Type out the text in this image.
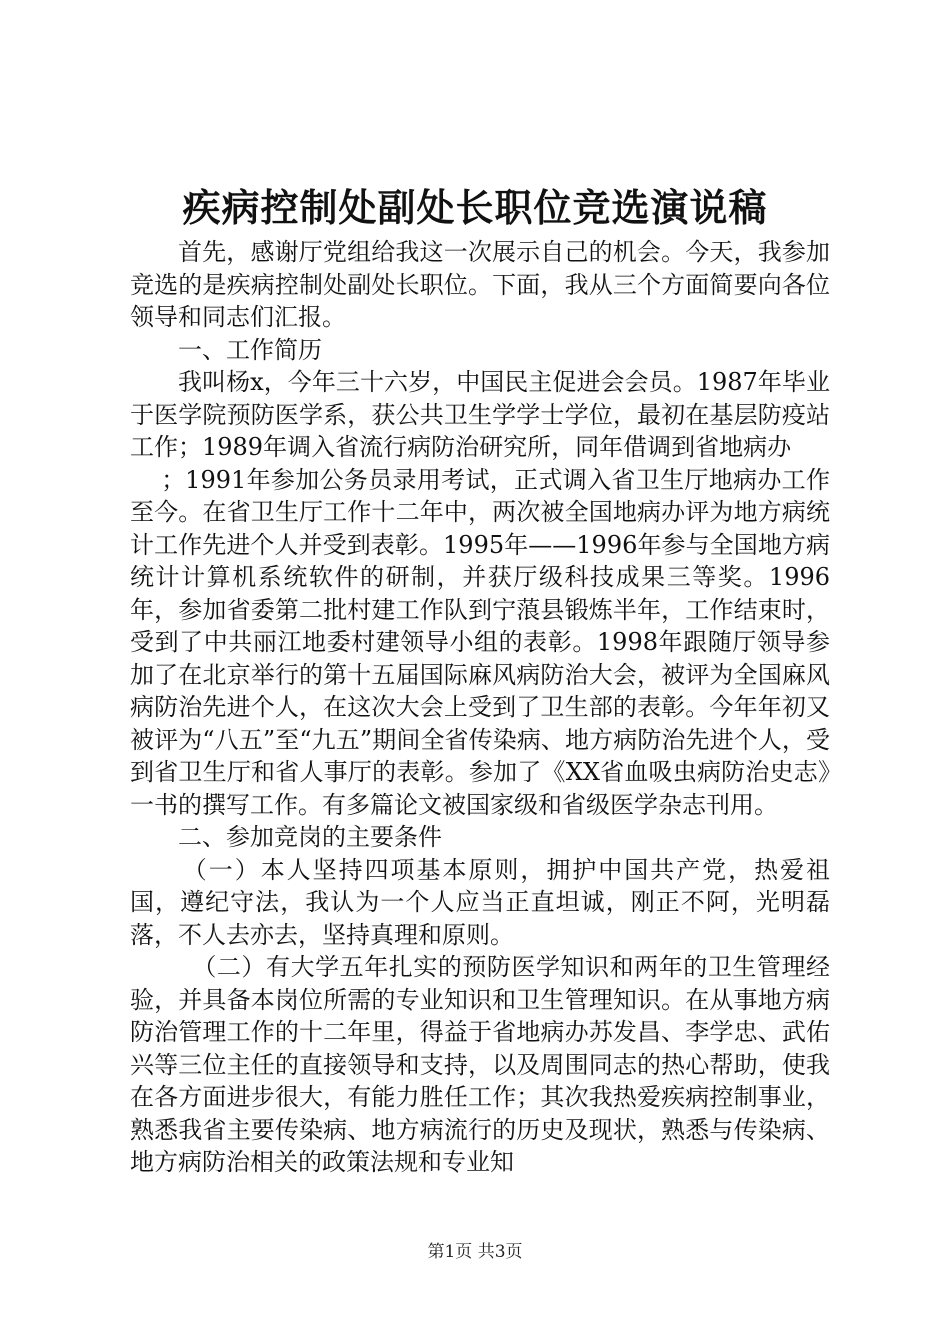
疾病控制处副处长职位竞选演说稿

首先，感谢厅党组给我这一次展示自己的机会。今天，我参加竞选的是疾病控制处副处长职位。下面，我从三个方面简要向各位领导和同志们汇报。

一、工作简历

我叫杨x，今年三十六岁，中国民主促进会会员。1987年毕业于医学院预防医学系，获公共卫生学学士学位，最初在基层防疫站工作；1989年调入省流行病防治研究所，同年借调到省地病办

；1991年参加公务员录用考试，正式调入省卫生厅地病办工作至今。在省卫生厅工作十二年中，两次被全国地病办评为地方病统计工作先进个人并受到表彰。1995年——1996年参与全国地方病统计计算机系统软件的研制，并获厅级科技成果三等奖。1996年，参加省委第二批村建工作队到宁蒗县锻炼半年，工作结束时，受到了中共丽江地委村建领导小组的表彰。1998年跟随厅领导参加了在北京举行的第十五届国际麻风病防治大会，被评为全国麻风病防治先进个人，在这次大会上受到了卫生部的表彰。今年年初又被评为“八五”至“九五”期间全省传染病、地方病防治先进个人，受到省卫生厅和省人事厅的表彰。参加了《XX省血吸虫病防治史志》一书的撰写工作。有多篇论文被国家级和省级医学杂志刊用。

二、参加竞岗的主要条件

（一）本人坚持四项基本原则，拥护中国共产党，热爱祖国，遵纪守法，我认为一个人应当正直坦诚，刚正不阿，光明磊落，不人去亦去，坚持真理和原则。

（二）有大学五年扎实的预防医学知识和两年的卫生管理经验，并具备本岗位所需的专业知识和卫生管理知识。在从事地方病防治管理工作的十二年里，得益于省地病办苏发昌、李学忠、武佑兴等三位主任的直接领导和支持，以及周围同志的热心帮助，使我在各方面进步很大，有能力胜任工作；其次我热爱疾病控制事业，熟悉我省主要传染病、地方病流行的历史及现状，熟悉与传染病、地方病防治相关的政策法规和专业知

第1页 共3页
